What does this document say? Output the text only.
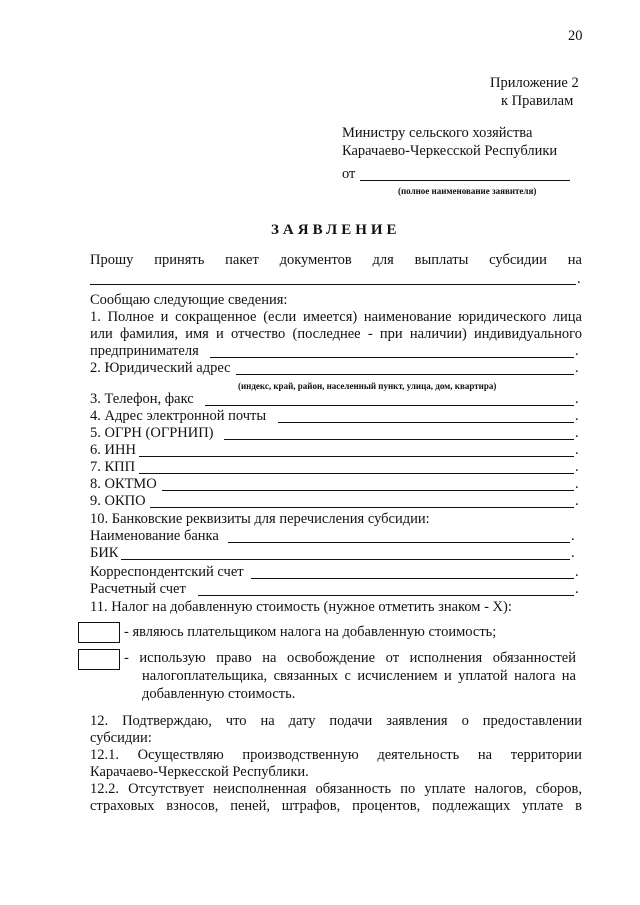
20
Приложение 2
к Правилам
Министру сельского хозяйства
Карачаево-Черкесской Республики
от
(полное наименование заявителя)
ЗАЯВЛЕНИЕ
Прошу принять пакет документов для выплаты субсидии на
.
Сообщаю следующие сведения:
1. Полное и сокращенное (если имеется) наименование юридического лица
или фамилия, имя и отчество (последнее - при наличии) индивидуального
предпринимателя	.
2. Юридический адрес	.
(индекс, край, район, населенный пункт, улица, дом, квартира)
3. Телефон, факс	.
4. Адрес электронной почты	.
5. ОГРН (ОГРНИП)	.
6. ИНН	.
7. КПП	.
8. ОКТМО	.
9. ОКПО	.
10. Банковские реквизиты для перечисления субсидии:
Наименование банка	.
БИК	.
Корреспондентский счет	.
Расчетный счет	.
11. Налог на добавленную стоимость (нужное отметить знаком - X):
- являюсь плательщиком налога на добавленную стоимость;
- использую право на освобождение от исполнения обязанностей
налогоплательщика, связанных с исчислением и уплатой налога на
добавленную стоимость.
12. Подтверждаю, что на дату подачи заявления о предоставлении
субсидии:
12.1. Осуществляю производственную деятельность на территории
Карачаево-Черкесской Республики.
12.2. Отсутствует неисполненная обязанность по уплате налогов, сборов,
страховых взносов, пеней, штрафов, процентов, подлежащих уплате в
